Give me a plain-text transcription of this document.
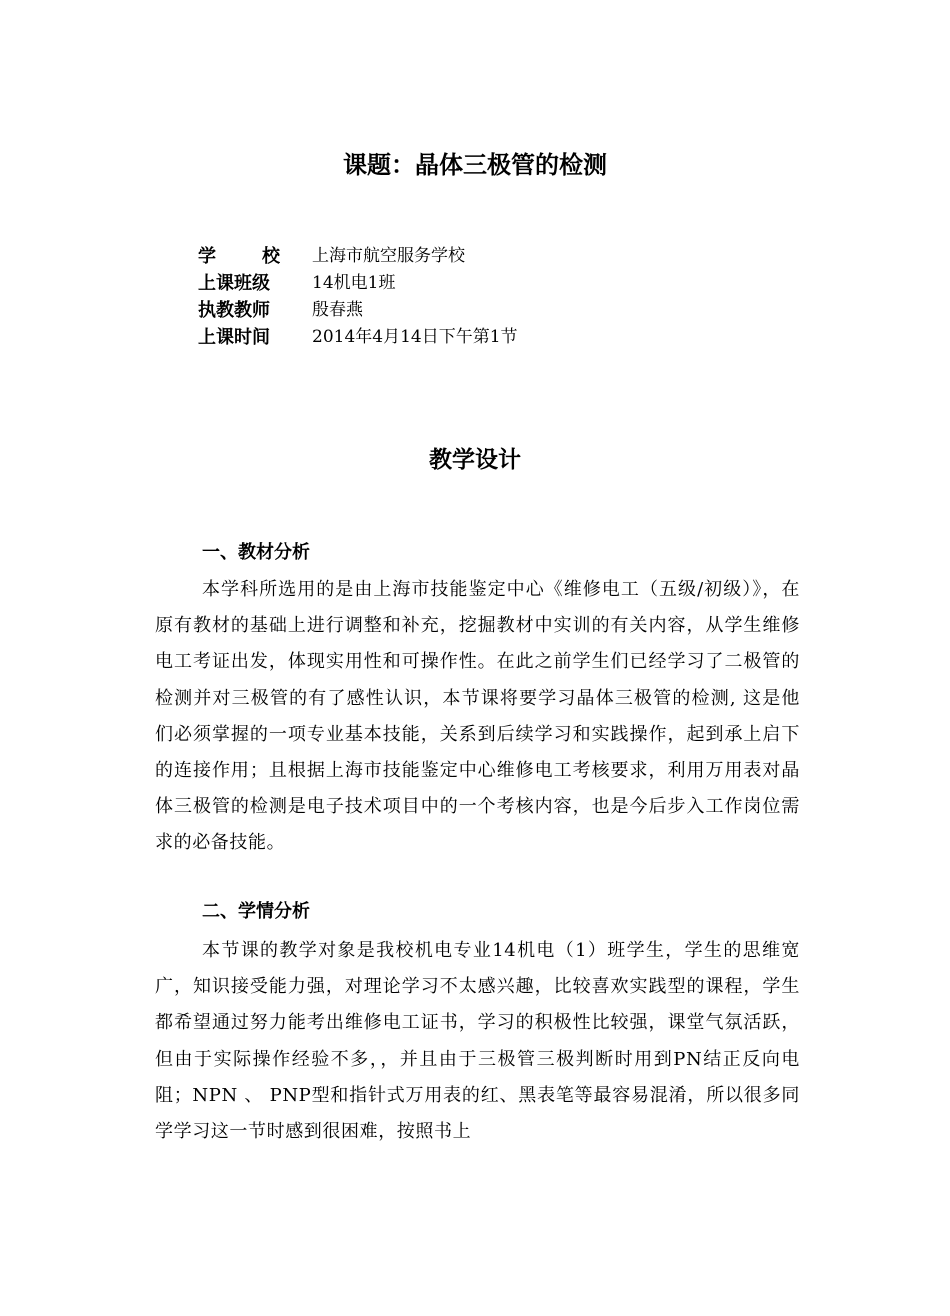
课题：晶体三极管的检测
学　校 上海市航空服务学校
上课班级 14机电1班
执教教师 殷春燕
上课时间 2014年4月14日下午第1节
教学设计
一、教材分析
本学科所选用的是由上海市技能鉴定中心《维修电工（五级/初级）》，在原有教材的基础上进行调整和补充，挖掘教材中实训的有关内容，从学生维修电工考证出发，体现实用性和可操作性。在此之前学生们已经学习了二极管的检测并对三极管的有了感性认识，本节课将要学习晶体三极管的检测, 这是他们必须掌握的一项专业基本技能，关系到后续学习和实践操作，起到承上启下的连接作用；且根据上海市技能鉴定中心维修电工考核要求，利用万用表对晶体三极管的检测是电子技术项目中的一个考核内容，也是今后步入工作岗位需求的必备技能。
二、学情分析
本节课的教学对象是我校机电专业14机电（1）班学生，学生的思维宽广，知识接受能力强，对理论学习不太感兴趣，比较喜欢实践型的课程，学生都希望通过努力能考出维修电工证书，学习的积极性比较强，课堂气氛活跃，但由于实际操作经验不多，，并且由于三极管三极判断时用到PN结正反向电阻；NPN 、 PNP型和指针式万用表的红、黑表笔等最容易混淆，所以很多同学学习这一节时感到很困难，按照书上
